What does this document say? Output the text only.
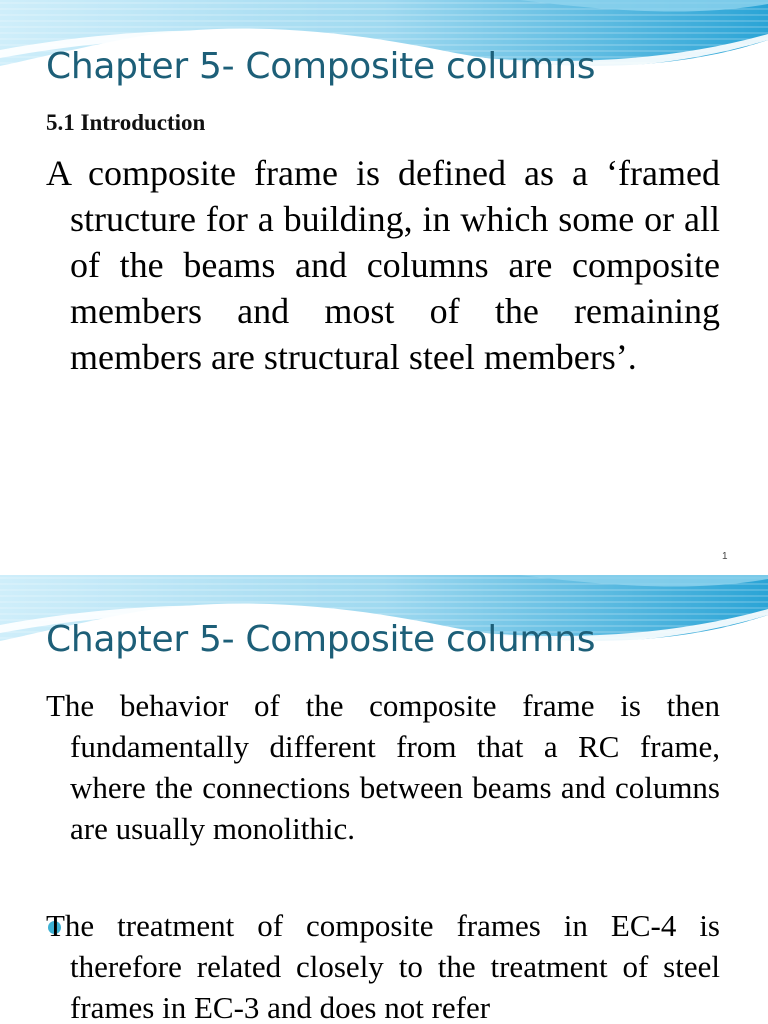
Chapter 5- Composite columns
5.1 Introduction

A composite frame is defined as a ‘framed structure for a building, in which some or all of the beams and columns are composite members and most of the remaining members are structural steel members’.

1
Chapter 5- Composite columns

The behavior of the composite frame is then fundamentally different from that a RC frame, where the connections between beams and columns are usually monolithic.

The treatment of composite frames in EC-4 is therefore related closely to the treatment of steel frames in EC-3 and does not refer
